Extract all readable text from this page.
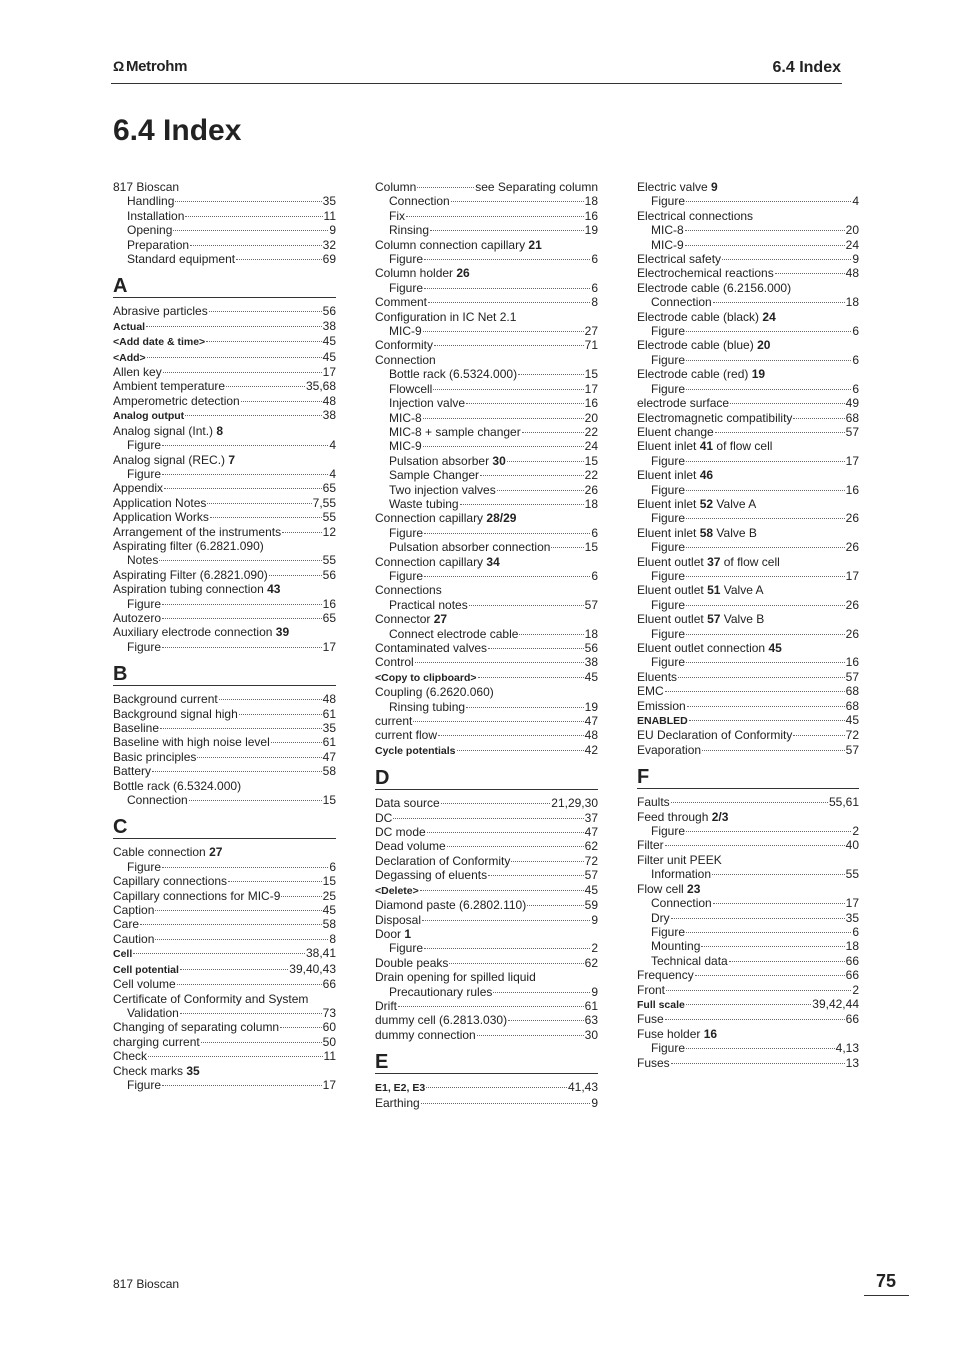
Ω Metrohm	6.4 Index
6.4 Index
817 Bioscan
Handling	35
Installation	11
Opening	9
Preparation	32
Standard equipment	69
A
Abrasive particles	56
Actual	38
<Add date & time>	45
<Add>	45
Allen key	17
Ambient temperature	35,68
Amperometric detection	48
Analog output	38
Analog signal (Int.) 8
Figure	4
Analog signal (REC.) 7
Figure	4
Appendix	65
Application Notes	7,55
Application Works	55
Arrangement of the instruments	12
Aspirating filter (6.2821.090)
Notes	55
Aspirating Filter (6.2821.090)	56
Aspiration tubing connection 43
Figure	16
Autozero	65
Auxiliary electrode connection 39
Figure	17
B
Background current	48
Background signal high	61
Baseline	35
Baseline with high noise level	61
Basic principles	47
Battery	58
Bottle rack (6.5324.000)
Connection	15
C
Cable connection 27
Figure	6
Capillary connections	15
Capillary connections for MIC-9	25
Caption	45
Care	58
Caution	8
Cell	38,41
Cell potential	39,40,43
Cell volume	66
Certificate of Conformity and System
Validation	73
Changing of separating column	60
charging current	50
Check	11
Check marks 35
Figure	17
Column	see Separating column
Connection	18
Fix	16
Rinsing	19
Column connection capillary 21
Figure	6
Column holder 26
Figure	6
Comment	8
Configuration in IC Net 2.1
MIC-9	27
Conformity	71
Connection
Bottle rack (6.5324.000)	15
Flowcell	17
Injection valve	16
MIC-8	20
MIC-8 + sample changer	22
MIC-9	24
Pulsation absorber 30	15
Sample Changer	22
Two injection valves	26
Waste tubing	18
Connection capillary 28/29
Figure	6
Pulsation absorber connection	15
Connection capillary 34
Figure	6
Connections
Practical notes	57
Connector 27
Connect electrode cable	18
Contaminated valves	56
Control	38
<Copy to clipboard>	45
Coupling (6.2620.060)
Rinsing tubing	19
current	47
current flow	48
Cycle potentials	42
D
Data source	21,29,30
DC	37
DC mode	47
Dead volume	62
Declaration of Conformity	72
Degassing of eluents	57
<Delete>	45
Diamond paste (6.2802.110)	59
Disposal	9
Door 1
Figure	2
Double peaks	62
Drain opening for spilled liquid
Precautionary rules	9
Drift	61
dummy cell (6.2813.030)	63
dummy connection	30
E
E1, E2, E3	41,43
Earthing	9
Electric valve 9
Figure	4
Electrical connections
MIC-8	20
MIC-9	24
Electrical safety	9
Electrochemical reactions	48
Electrode cable (6.2156.000)
Connection	18
Electrode cable (black) 24
Figure	6
Electrode cable (blue) 20
Figure	6
Electrode cable (red) 19
Figure	6
electrode surface	49
Electromagnetic compatibility	68
Eluent change	57
Eluent inlet 41 of flow cell
Figure	17
Eluent inlet 46
Figure	16
Eluent inlet 52 Valve A
Figure	26
Eluent inlet 58 Valve B
Figure	26
Eluent outlet 37 of flow cell
Figure	17
Eluent outlet 51 Valve A
Figure	26
Eluent outlet 57 Valve B
Figure	26
Eluent outlet connection 45
Figure	16
Eluents	57
EMC	68
Emission	68
ENABLED	45
EU Declaration of Conformity	72
Evaporation	57
F
Faults	55,61
Feed through 2/3
Figure	2
Filter	40
Filter unit PEEK
Information	55
Flow cell 23
Connection	17
Dry	35
Figure	6
Mounting	18
Technical data	66
Frequency	66
Front	2
Full scale	39,42,44
Fuse	66
Fuse holder 16
Figure	4,13
Fuses	13
817 Bioscan	75
